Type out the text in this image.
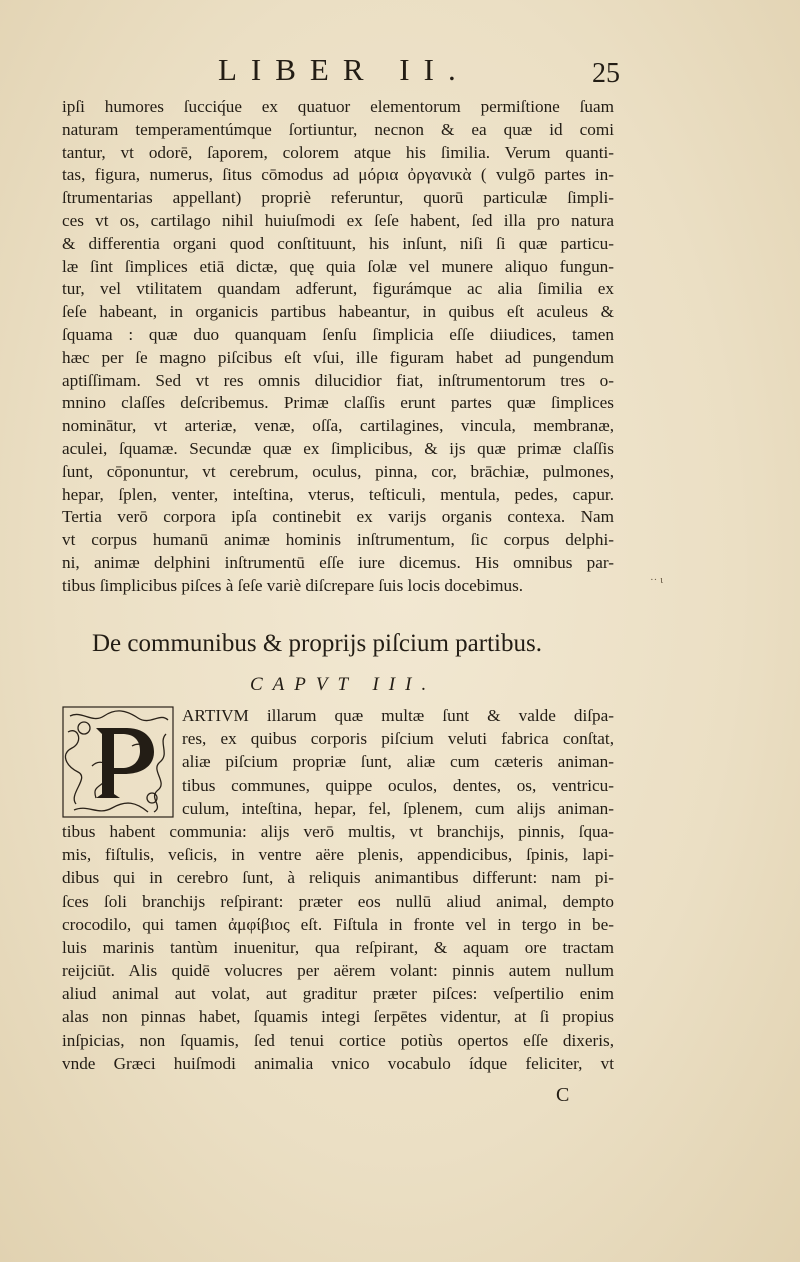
LIBER II.	25
ipſi humores ſucciq́ue ex quatuor elementorum permiſtione ſuam
naturam temperamentúmque ſortiuntur, necnon & ea quæ id comi
tantur, vt odorē, ſaporem, colorem atque his ſimilia. Verum quanti-
tas, figura, numerus, ſitus cōmodus ad μόρια ὀργανικὰ ( vulgō partes in-
ſtrumentarias appellant) propriè referuntur, quorū particulæ ſimpli-
ces vt os, cartilago nihil huiuſmodi ex ſeſe habent, ſed illa pro natura
& differentia organi quod conſtituunt, his inſunt, niſi ſi quæ particu-
læ ſint ſimplices etiā dictæ, quę quia ſolæ vel munere aliquo fungun-
tur, vel vtilitatem quandam adferunt, figurámque ac alia ſimilia ex
ſeſe habeant, in organicis partibus habeantur, in quibus eſt aculeus &
ſquama : quæ duo quanquam ſenſu ſimplicia eſſe diiudices, tamen
hæc per ſe magno piſcibus eſt vſui, ille figuram habet ad pungendum
aptiſſimam. Sed vt res omnis dilucidior fiat, inſtrumentorum tres o-
mnino claſſes deſcribemus. Primæ claſſis erunt partes quæ ſimplices
nominātur, vt arteriæ, venæ, oſſa, cartilagines, vincula, membranæ,
aculei, ſquamæ. Secundæ quæ ex ſimplicibus, & ijs quæ primæ claſſis
ſunt, cōponuntur, vt cerebrum, oculus, pinna, cor, brāchiæ, pulmones,
hepar, ſplen, venter, inteſtina, vterus, teſticuli, mentula, pedes, capur.
Tertia verō corpora ipſa continebit ex varijs organis contexa. Nam
vt corpus humanū animæ hominis inſtrumentum, ſic corpus delphi-
ni, animæ delphini inſtrumentū eſſe iure dicemus. His omnibus par-
tibus ſimplicibus piſces à ſeſe variè diſcrepare ſuis locis docebimus.
De communibus & proprijs piſcium partibus.
CAPVT III.
ARTIVM illarum quæ multæ ſunt & valde diſpa-
res, ex quibus corporis piſcium veluti fabrica conſtat,
aliæ piſcium propriæ ſunt, aliæ cum cæteris animan-
tibus communes, quippe oculos, dentes, os, ventricu-
culum, inteſtina, hepar, fel, ſplenem, cum alijs animan-
tibus habent communia: alijs verō multis, vt branchijs, pinnis, ſqua-
mis, fiſtulis, veſicis, in ventre aëre plenis, appendicibus, ſpinis, lapi-
dibus qui in cerebro ſunt, à reliquis animantibus differunt: nam pi-
ſces ſoli branchijs reſpirant: præter eos nullū aliud animal, dempto
crocodilo, qui tamen ἀμφίβιος eſt. Fiſtula in fronte vel in tergo in be-
luis marinis tantùm inuenitur, qua reſpirant, & aquam ore tractam
reijciūt. Alis quidē volucres per aërem volant: pinnis autem nullum
aliud animal aut volat, aut graditur præter piſces: veſpertilio enim
alas non pinnas habet, ſquamis integi ſerpētes videntur, at ſi propius
inſpicias, non ſquamis, ſed tenui cortice potiùs opertos eſſe dixeris,
vnde Græci huiſmodi animalia vnico vocabulo ídque feliciter, vt
C
·· ι
